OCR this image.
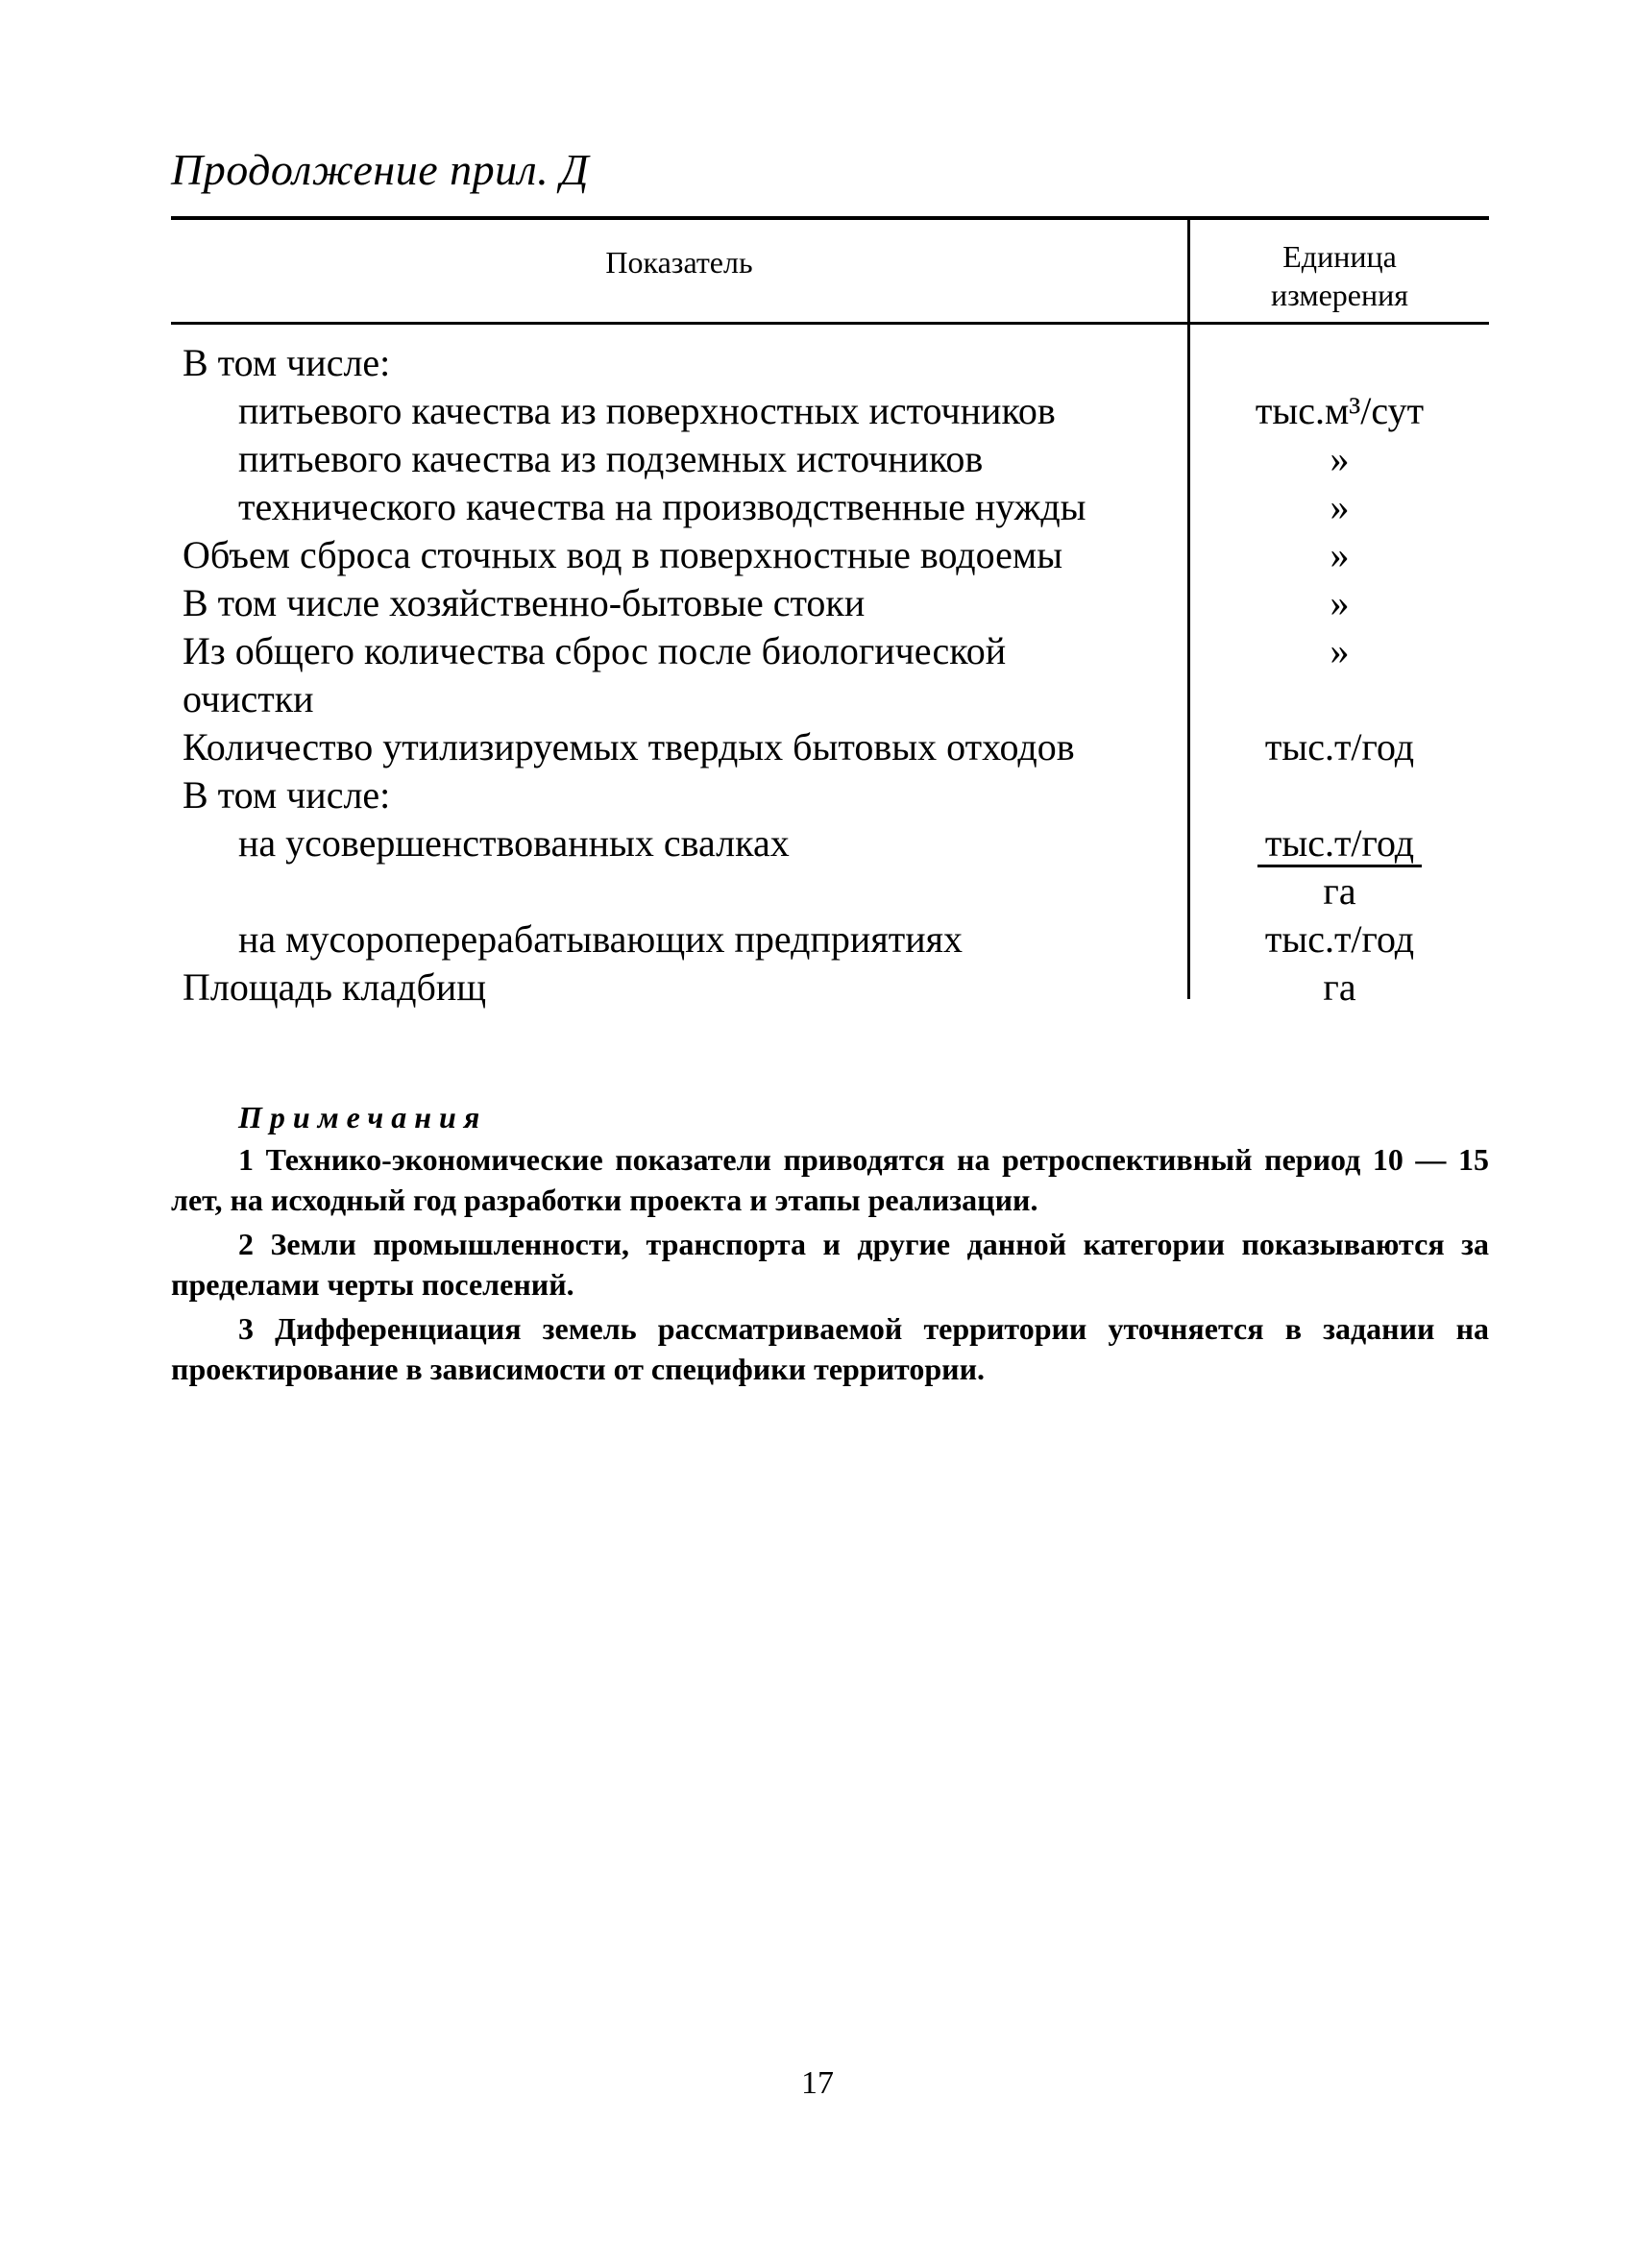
Продолжение прил. Д
Показатель	Единица
измерения
В том числе:
питьевого качества из поверхностных источников	тыс.м³/сут
питьевого качества из подземных источников	»
технического качества на производственные нужды	»
Объем сброса сточных вод в поверхностные водоемы	»
В том числе хозяйственно-бытовые стоки	»
Из общего количества сброс после биологической	»
очистки
Количество утилизируемых твердых бытовых отходов	тыс.т/год
В том числе:
на усовершенствованных свалках	тыс.т/год
га
на мусороперерабатывающих предприятиях	тыс.т/год
Площадь кладбищ	га
Примечания
1 Технико-экономические показатели приводятся на ретроспективный период 10 — 15 лет, на исходный год разработки проекта и этапы реализации.
2 Земли промышленности, транспорта и другие данной категории показываются за пределами черты поселений.
3 Дифференциация земель рассматриваемой территории уточняется в задании на проектирование в зависимости от специфики территории.
17
